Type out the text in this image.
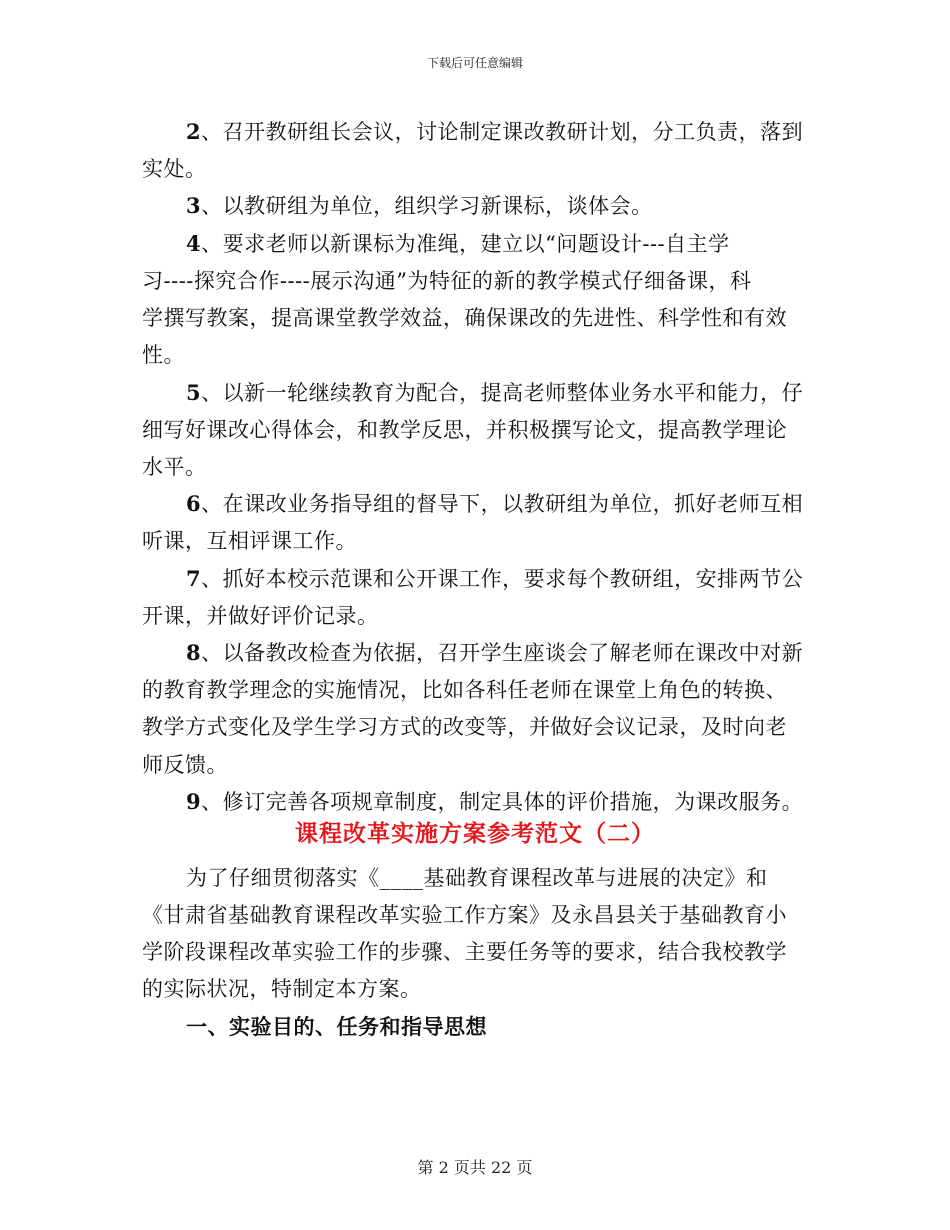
下载后可任意编辑
2、召开教研组长会议，讨论制定课改教研计划，分工负责，落到
实处。
3、以教研组为单位，组织学习新课标，谈体会。
4、要求老师以新课标为准绳，建立以“问题设计---自主学
习----探究合作----展示沟通”为特征的新的教学模式仔细备课，科
学撰写教案，提高课堂教学效益，确保课改的先进性、科学性和有效
性。
5、以新一轮继续教育为配合，提高老师整体业务水平和能力，仔
细写好课改心得体会，和教学反思，并积极撰写论文，提高教学理论
水平。
6、在课改业务指导组的督导下，以教研组为单位，抓好老师互相
听课，互相评课工作。
7、抓好本校示范课和公开课工作，要求每个教研组，安排两节公
开课，并做好评价记录。
8、以备教改检查为依据，召开学生座谈会了解老师在课改中对新
的教育教学理念的实施情况，比如各科任老师在课堂上角色的转换、
教学方式变化及学生学习方式的改变等，并做好会议记录，及时向老
师反馈。
9、修订完善各项规章制度，制定具体的评价措施，为课改服务。
课程改革实施方案参考范文（二）
为了仔细贯彻落实《____基础教育课程改革与进展的决定》和
《甘肃省基础教育课程改革实验工作方案》及永昌县关于基础教育小
学阶段课程改革实验工作的步骤、主要任务等的要求，结合我校教学
的实际状况，特制定本方案。
一、实验目的、任务和指导思想
第 2 页共 22 页
